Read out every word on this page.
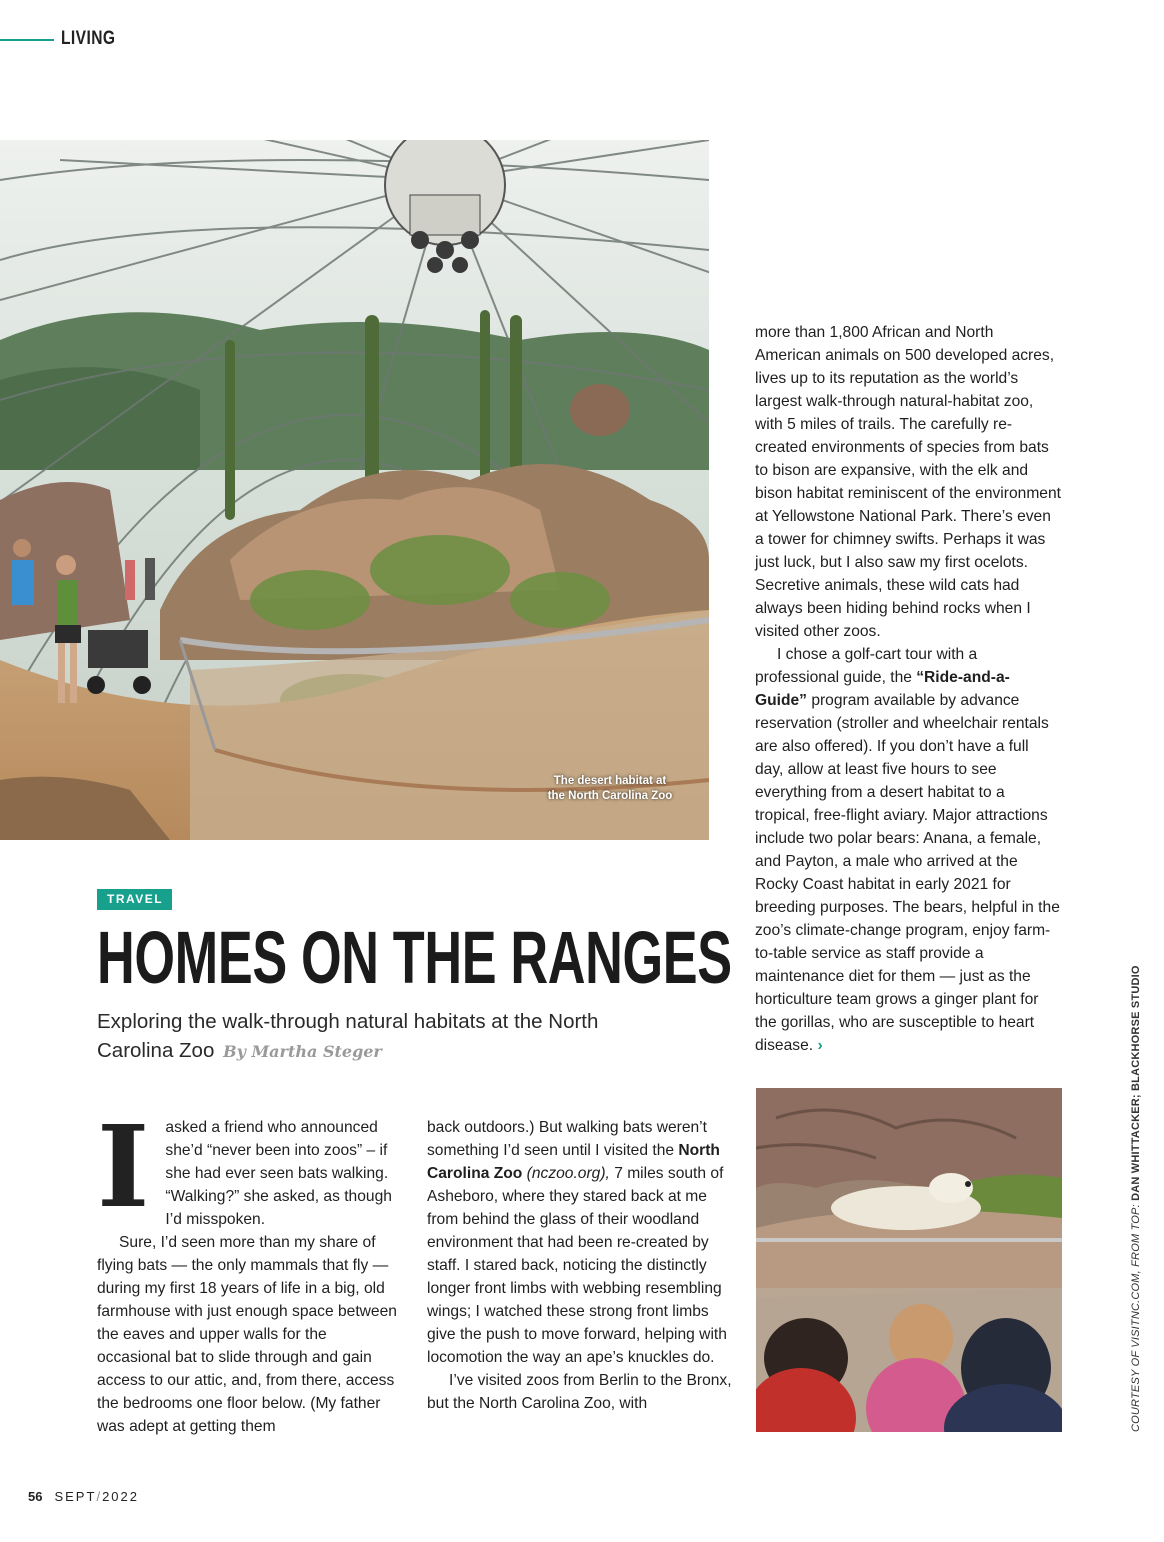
LIVING
The desert habitat at
the North Carolina Zoo
TRAVEL
HOMES ON THE RANGES

Exploring the walk-through natural habitats at the North Carolina Zoo By Martha Steger

I asked a friend who announced she’d “never been into zoos” – if she had ever seen bats walking. “Walking?” she asked, as though I’d misspoken.

Sure, I’d seen more than my share of flying bats — the only mammals that fly — during my first 18 years of life in a big, old farmhouse with just enough space between the eaves and upper walls for the occasional bat to slide through and gain access to our attic, and, from there, access the bedrooms one floor below. (My father was adept at getting them

back outdoors.) But walking bats weren’t something I’d seen until I visited the North Carolina Zoo (nczoo.org), 7 miles south of Asheboro, where they stared back at me from behind the glass of their woodland environment that had been re-created by staff. I stared back, noticing the distinctly longer front limbs with webbing resembling wings; I watched these strong front limbs give the push to move forward, helping with locomotion the way an ape’s knuckles do.

I’ve visited zoos from Berlin to the Bronx, but the North Carolina Zoo, with

more than 1,800 African and North American animals on 500 developed acres, lives up to its reputation as the world’s largest walk-through natural-habitat zoo, with 5 miles of trails. The carefully re-created environments of species from bats to bison are expansive, with the elk and bison habitat reminiscent of the environment at Yellowstone National Park. There’s even a tower for chimney swifts. Perhaps it was just luck, but I also saw my first ocelots. Secretive animals, these wild cats had always been hiding behind rocks when I visited other zoos.

I chose a golf-cart tour with a professional guide, the “Ride-and-a-Guide” program available by advance reservation (stroller and wheelchair rentals are also offered). If you don’t have a full day, allow at least five hours to see everything from a desert habitat to a tropical, free-flight aviary. Major attractions include two polar bears: Anana, a female, and Payton, a male who arrived at the Rocky Coast habitat in early 2021 for breeding purposes. The bears, helpful in the zoo’s climate-change program, enjoy farm-to-table service as staff provide a maintenance diet for them — just as the horticulture team grows a ginger plant for the gorillas, who are susceptible to heart disease. ›

COURTESY OF VISITNC.COM, FROM TOP: DAN WHITTACKER; BLACKHORSE STUDIO
56 SEPT/2022
